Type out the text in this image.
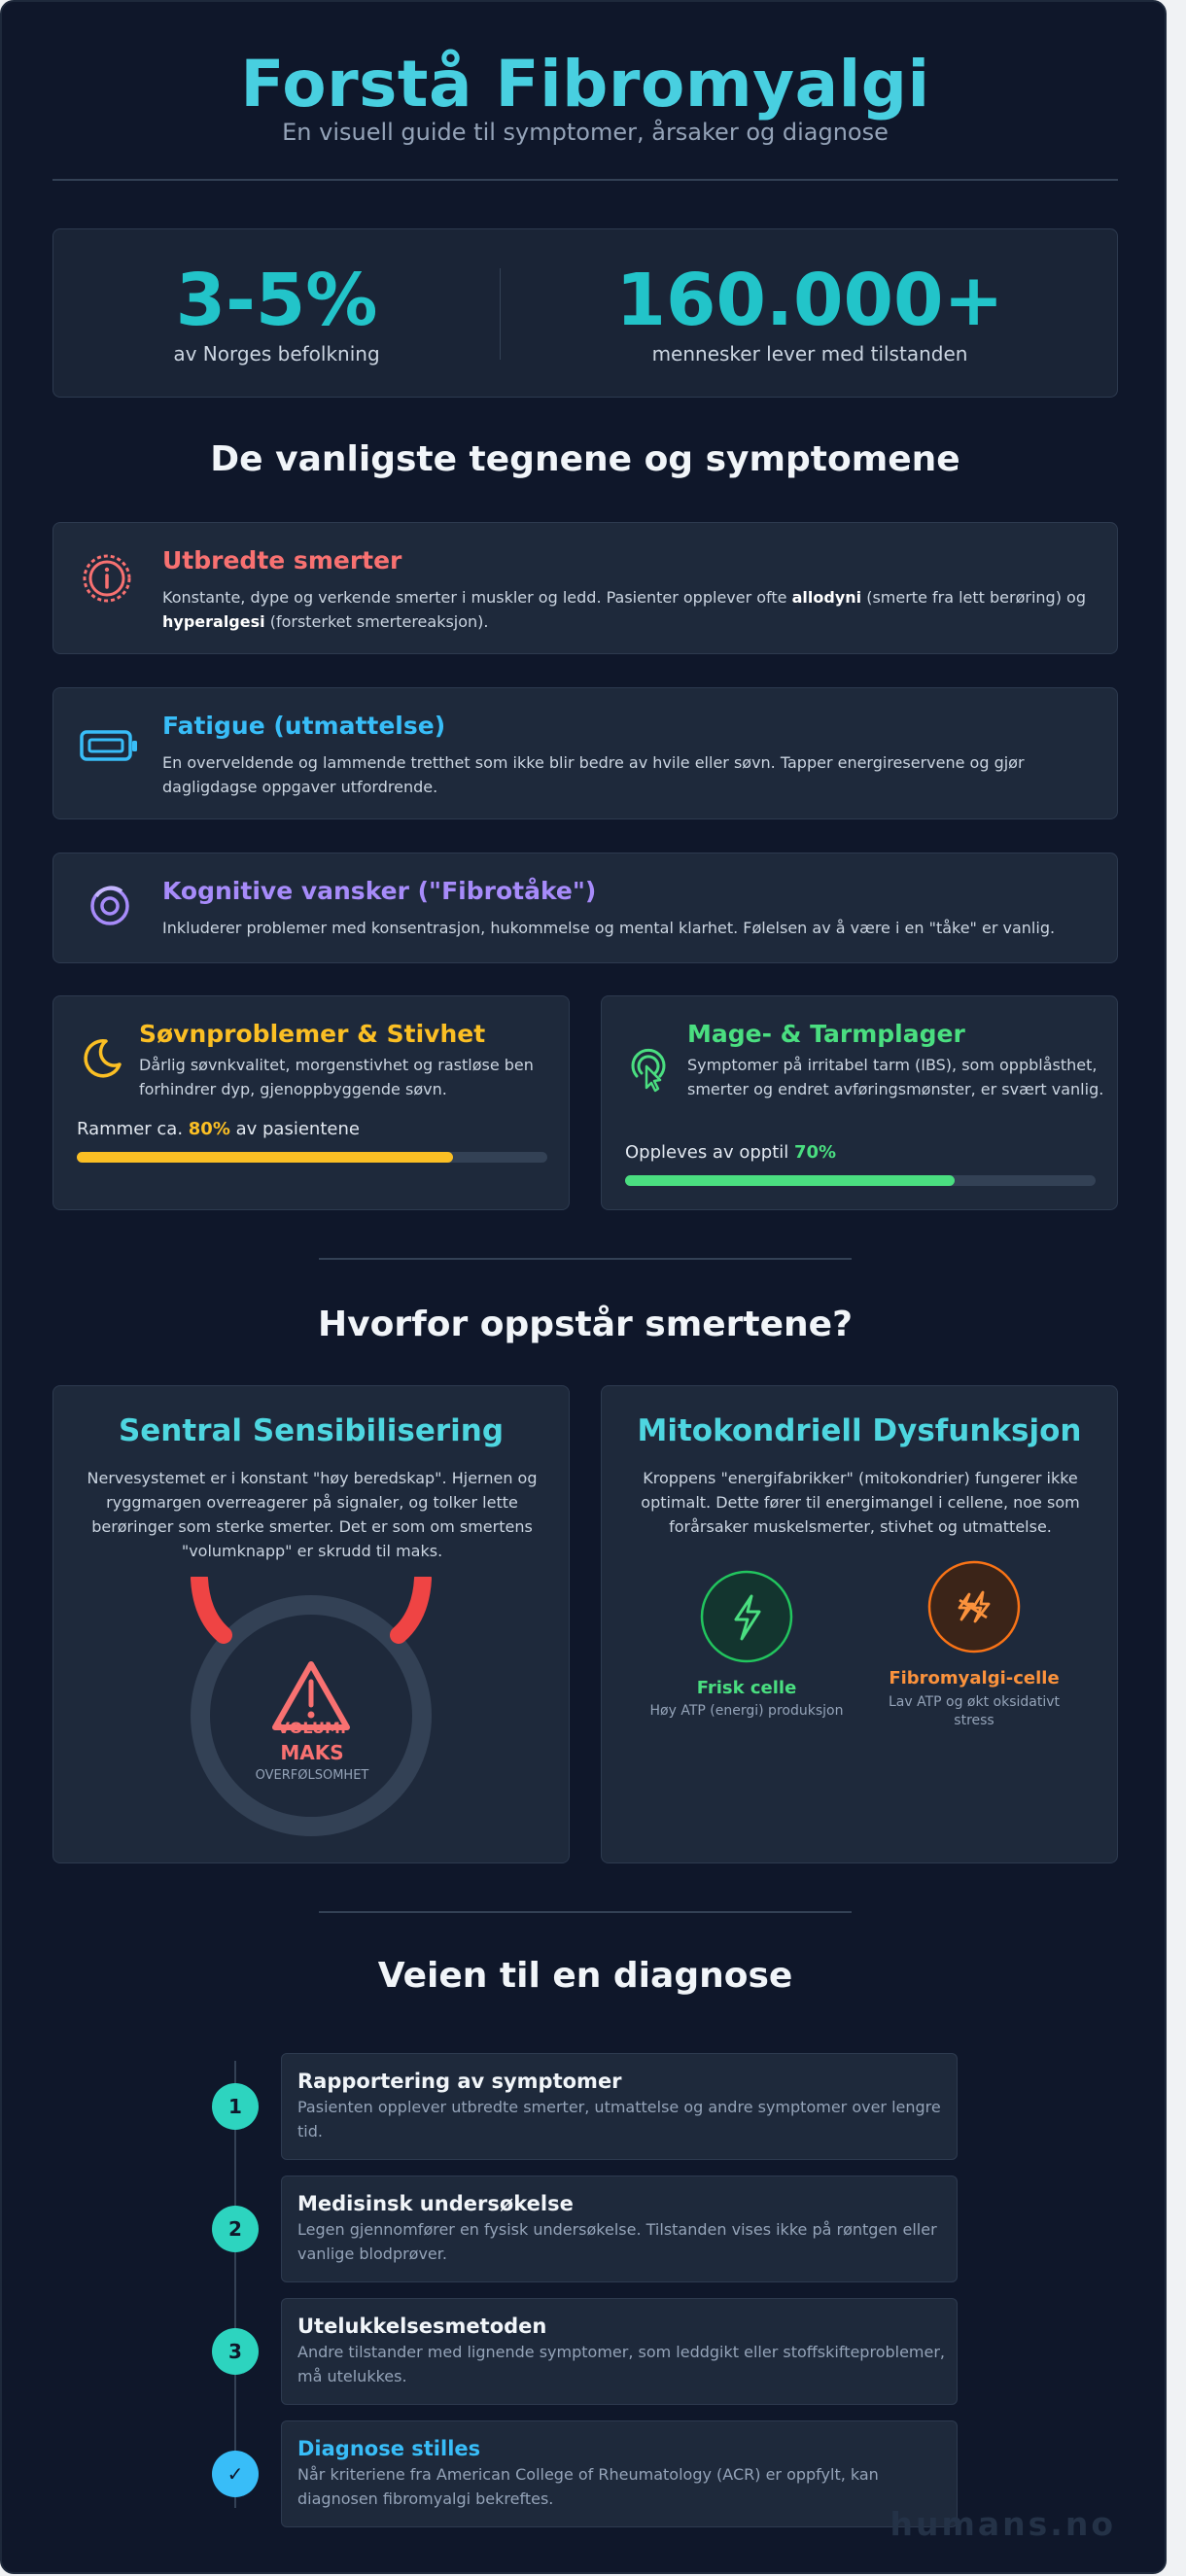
Forstå Fibromyalgi
En visuell guide til symptomer, årsaker og diagnose
3-5%
av Norges befolkning
160.000+
mennesker lever med tilstanden
De vanligste tegnene og symptomene
Utbredte smerter
Konstante, dype og verkende smerter i muskler og ledd. Pasienter opplever ofte allodyni (smerte fra lett berøring) og
hyperalgesi (forsterket smertereaksjon).
Fatigue (utmattelse)
En overveldende og lammende tretthet som ikke blir bedre av hvile eller søvn. Tapper energireservene og gjør dagligdagse oppgaver utfordrende.
Kognitive vansker ("Fibrotåke")
Inkluderer problemer med konsentrasjon, hukommelse og mental klarhet. Følelsen av å være i en "tåke" er vanlig.
Søvnproblemer & Stivhet
Dårlig søvnkvalitet, morgenstivhet og rastløse ben forhindrer dyp, gjenoppbyggende søvn.
Rammer ca. 80% av pasientene
Mage- & Tarmplager
Symptomer på irritabel tarm (IBS), som oppblåsthet, smerter og endret avføringsmønster, er svært vanlig.
Oppleves av opptil 70%
Hvorfor oppstår smertene?
Sentral Sensibilisering
Nervesystemet er i konstant "høy beredskap". Hjernen og ryggmargen overreagerer på signaler, og tolker lette berøringer som sterke smerter. Det er som om smertens "volumknapp" er skrudd til maks.
VOLUM:
MAKS
OVERFØLSOMHET
Mitokondriell Dysfunksjon
Kroppens "energifabrikker" (mitokondrier) fungerer ikke optimalt. Dette fører til energimangel i cellene, noe som forårsaker muskelsmerter, stivhet og utmattelse.
Frisk celle
Høy ATP (energi) produksjon
Fibromyalgi-celle
Lav ATP og økt oksidativt
stress
Veien til en diagnose
1
Rapportering av symptomer
Pasienten opplever utbredte smerter, utmattelse og andre symptomer over lengre tid.
2
Medisinsk undersøkelse
Legen gjennomfører en fysisk undersøkelse. Tilstanden vises ikke på røntgen eller vanlige blodprøver.
3
Utelukkelsesmetoden
Andre tilstander med lignende symptomer, som leddgikt eller stoffskifteproblemer, må utelukkes.
✓
Diagnose stilles
Når kriteriene fra American College of Rheumatology (ACR) er oppfylt, kan diagnosen fibromyalgi bekreftes.
humans.no
